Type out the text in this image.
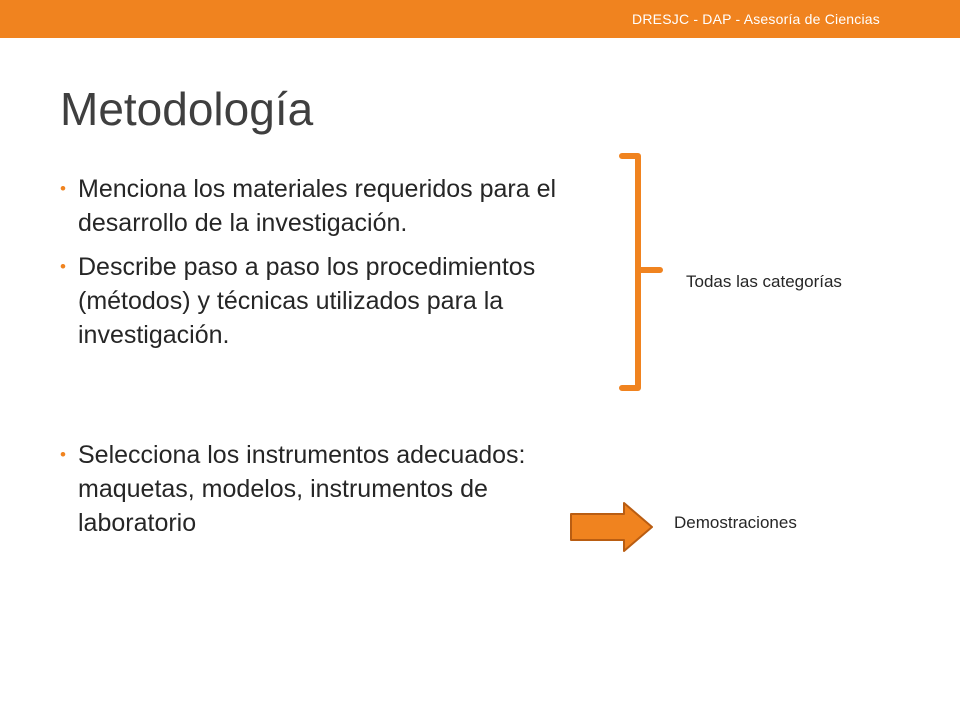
DRESJC - DAP - Asesoría de Ciencias
Metodología
• Menciona los materiales requeridos para el desarrollo de la investigación.
• Describe paso a paso los procedimientos (métodos) y técnicas utilizados para la investigación.
• Selecciona los instrumentos adecuados: maquetas, modelos, instrumentos de laboratorio
Todas las categorías
Demostraciones
